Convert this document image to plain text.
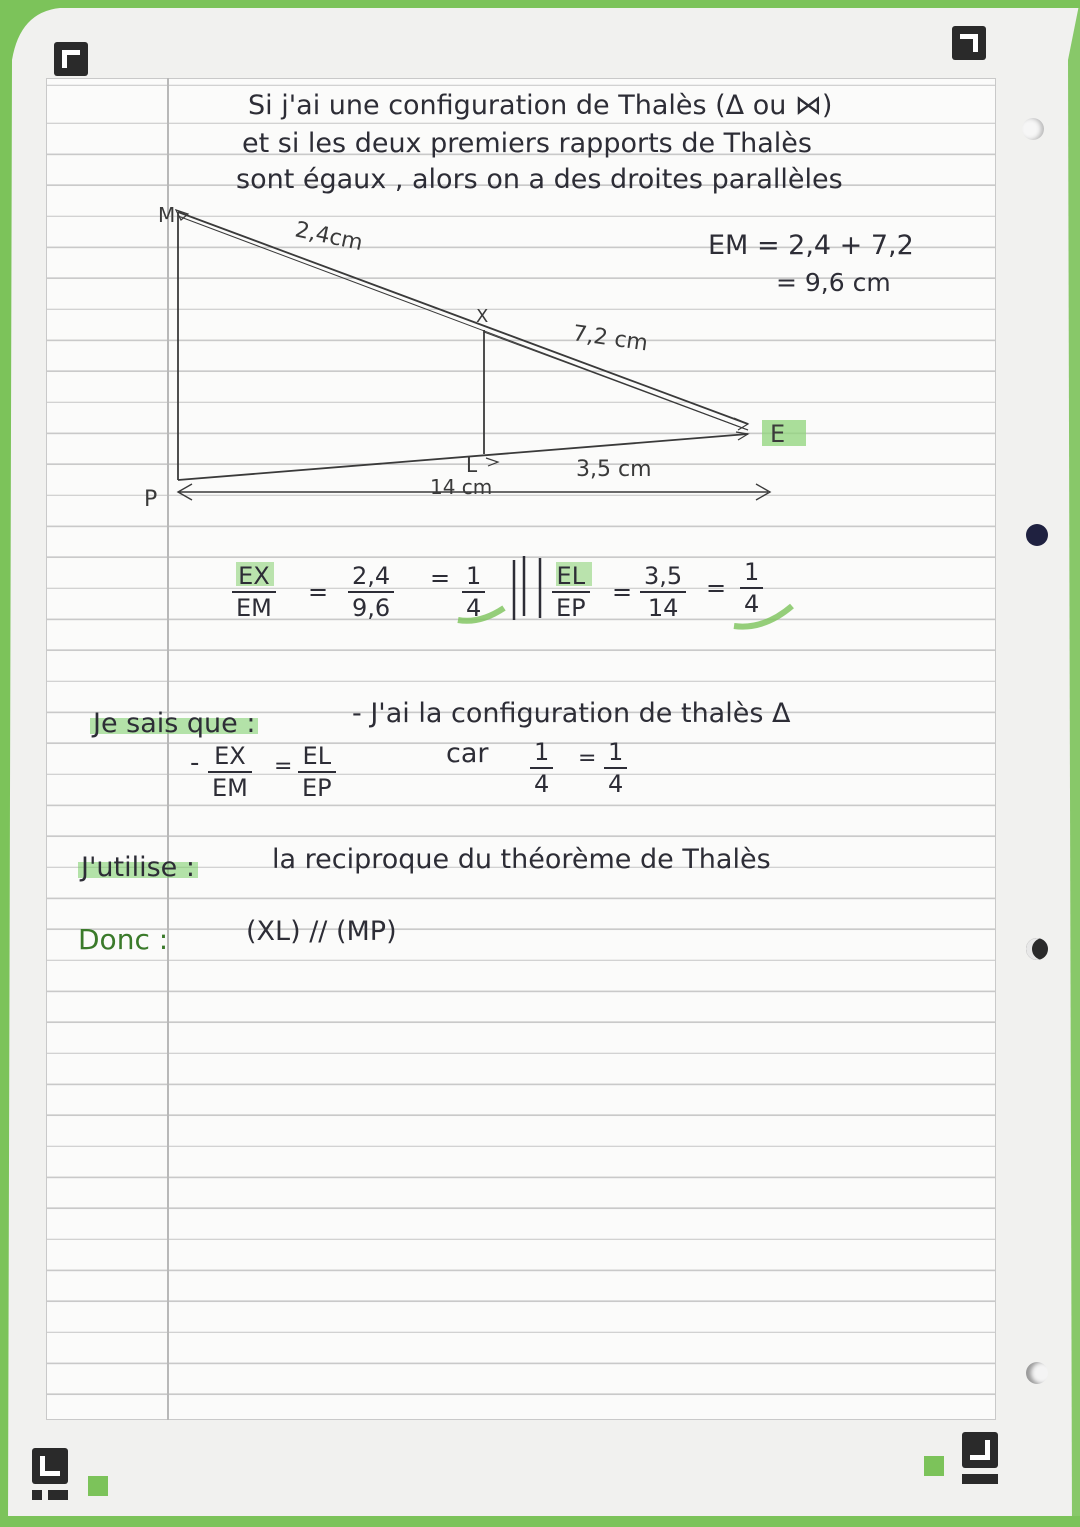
Si j'ai une configuration de Thalès (Δ ou ⋈)
et si les deux premiers rapports de Thalès
sont égaux , alors on a des droites parallèles
M
P
X
L
E
2,4cm
7,2 cm
3,5 cm
14 cm
EM = 2,4 + 7,2
= 9,6 cm
EX
EM
=
2,4
9,6
= 1
4
EL
EP
=
3,5
14
=
1
4
Je sais que :	- J'ai la configuration de thalès Δ
- EX
EM
= EL
EP
car 1
4
= 1
4
J'utilise :	la reciproque du théorème de Thalès
Donc :	(XL) // (MP)
